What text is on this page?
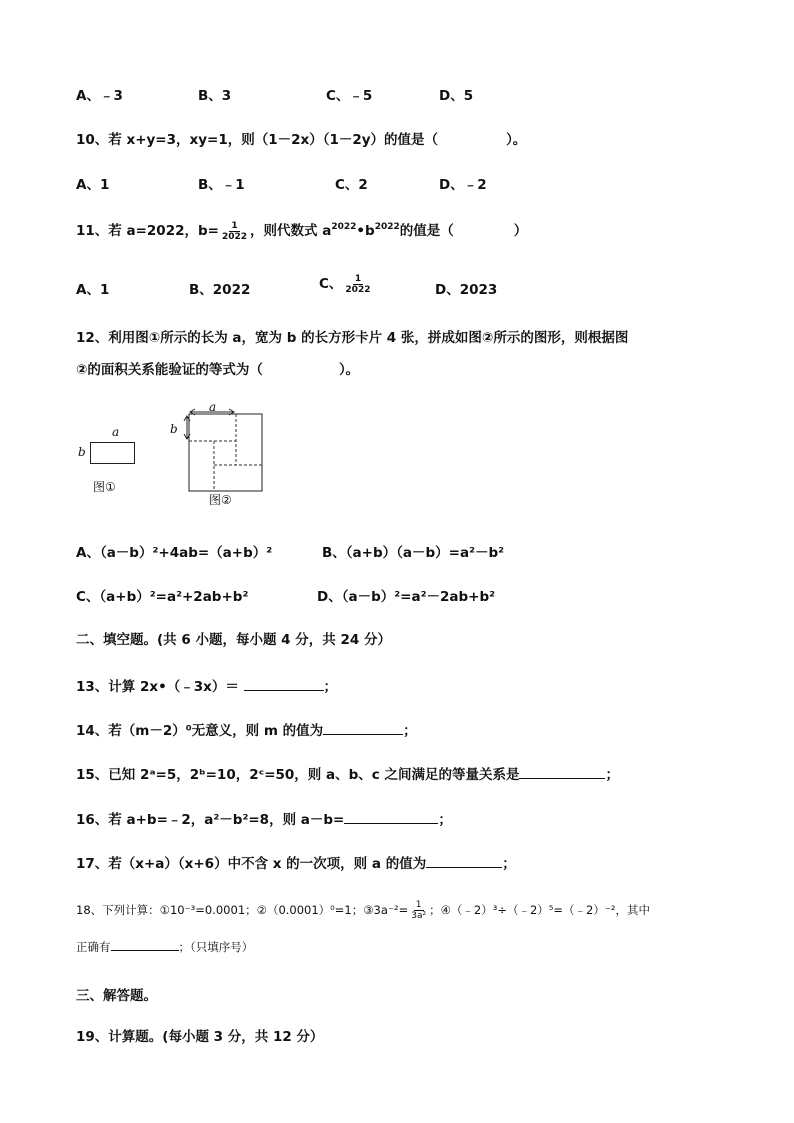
A、﹣3	B、3	C、﹣5	D、5
10、若 x+y=3，xy=1，则（1－2x）（1－2y）的值是（	）。
A、1	B、﹣1	C、2	D、﹣2
11、若 a=2022，$b= \frac{1}{2022}$ ，则代数式 $a^{2022}•b^{2022}$的值是（	）
A、1	B、2022	C、 $\frac{1}{2022}$	D、2023
12、利用图①所示的长为 a，宽为 b 的长方形卡片 4 张，拼成如图②所示的图形，则根据图
②的面积关系能验证的等式为（	）。
a
b
图①
a
b
图②
A、（a－b）²+4ab=（a+b）²	B、（a+b）（a－b）=a²－b²
C、（a+b）²=a²+2ab+b²	D、（a－b）²=a²－2ab+b²
二、填空题。(共 6 小题，每小题 4 分，共 24 分）
13、计算 2x•（﹣3x）＝	；
14、若（m－2）⁰无意义，则 m 的值为	；
15、已知 2ᵃ=5，2ᵇ=10，2ᶜ=50，则 a、b、c 之间满足的等量关系是	；
16、若 a+b=﹣2，a²－b²=8，则 a－b=	；
17、若（x+a）（x+6）中不含 x 的一次项，则 a 的值为	；
18、下列计算：①10⁻³=0.0001；②（0.0001）⁰=1；③3a⁻²= $\frac{1}{\text{3a²}}$ ；④（﹣2）³÷（﹣2）⁵=（﹣2）⁻²，其中
正确有	；（只填序号）
三、解答题。
19、计算题。(每小题 3 分，共 12 分）
